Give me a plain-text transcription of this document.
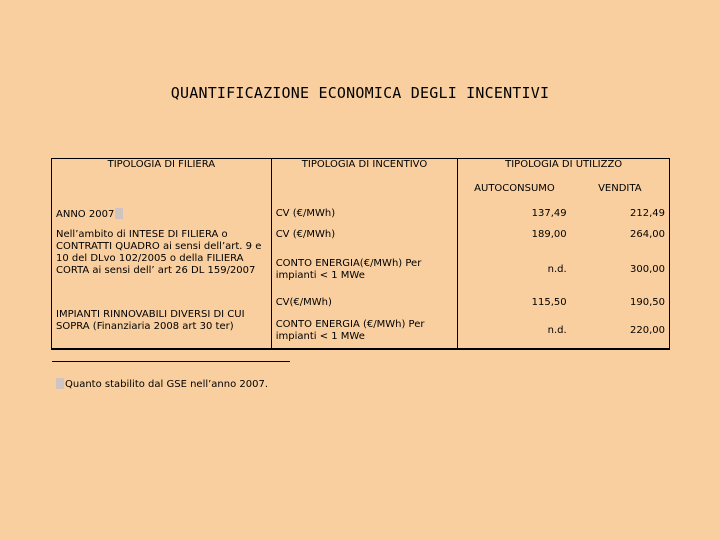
QUANTIFICAZIONE ECONOMICA DEGLI INCENTIVI
TIPOLOGIA DI FILIERA	TIPOLOGIA DI INCENTIVO	TIPOLOGIA DI UTILIZZO	
		AUTOCONSUMO	VENDITA
ANNO 2007	CV (€/MWh)	137,49	212,49
Nell’ambito di INTESE DI FILIERA o CONTRATTI QUADRO ai sensi dell’art. 9 e 10 del DLvo 102/2005 o della FILIERA CORTA ai sensi dell’ art 26 DL 159/2007	CV (€/MWh)	189,00	264,00
	CONTO ENERGIA(€/MWh) Per impianti < 1 MWe	n.d.	300,00
IMPIANTI RINNOVABILI DIVERSI DI CUI SOPRA (Finanziaria 2008 art 30 ter)	CV(€/MWh)	115,50	190,50
	CONTO ENERGIA (€/MWh) Per impianti < 1 MWe	n.d.	220,00
Quanto stabilito dal GSE nell’anno 2007.
